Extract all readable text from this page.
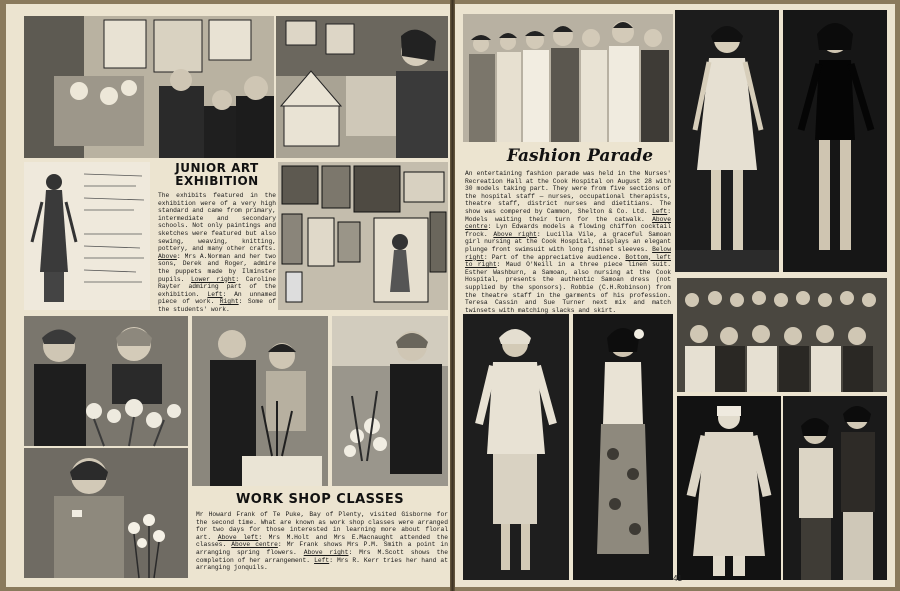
JUNIOR ART
EXHIBITION
The exhibits featured in the exhibition were of a very high standard and came from primary, intermediate and secondary schools. Not only paintings and sketches were featured but also sewing, weaving, knitting, pottery, and many other crafts. Above: Mrs A.Norman and her two sons, Derek and Roger, admire the puppets made by Ilminster pupils. Lower right: Caroline Rayter admiring part of the exhibition. Left: An unnamed piece of work. Right: Some of the students' work.
WORK SHOP CLASSES
Mr Howard Frank of Te Puke, Bay of Plenty, visited Gisborne for the second time. What are known as work shop classes were arranged for two days for those interested in learning more about floral art. Above left: Mrs M.Holt and Mrs E.Macnaught attended the classes. Above centre: Mr Frank shows Mrs P.M. Smith a point in arranging spring flowers. Above right: Mrs M.Scott shows the completion of her arrangement. Left: Mrs R. Kerr tries her hand at arranging jonquils.
Fashion Parade
An entertaining fashion parade was held in the Nurses' Recreation Hall at the Cook Hospital on August 28 with 30 models taking part. They were from five sections of the hospital staff — nurses, occupational therapists, theatre staff, district nurses and dietitians. The show was compered by Cammon, Shelton & Co. Ltd. Left: Models waiting their turn for the catwalk. Above centre: Lyn Edwards models a flowing chiffon cocktail frock. Above right: Lucilla Vile, a graceful Samoan girl nursing at the Cook Hospital, displays an elegant plunge front swimsuit with long fishnet sleeves. Below right: Part of the appreciative audience. Bottom, left to right: Maud O'Neill in a three piece linen suit. Esther Washburn, a Samoan, also nursing at the Cook Hospital, presents the authentic Samoan dress (not supplied by the sponsors). Robbie (C.H.Robinson) from the theatre staff in the garments of his profession. Teresa Cassin and Sue Turner next mix and match twinsets with matching slacks and skirt.
41
